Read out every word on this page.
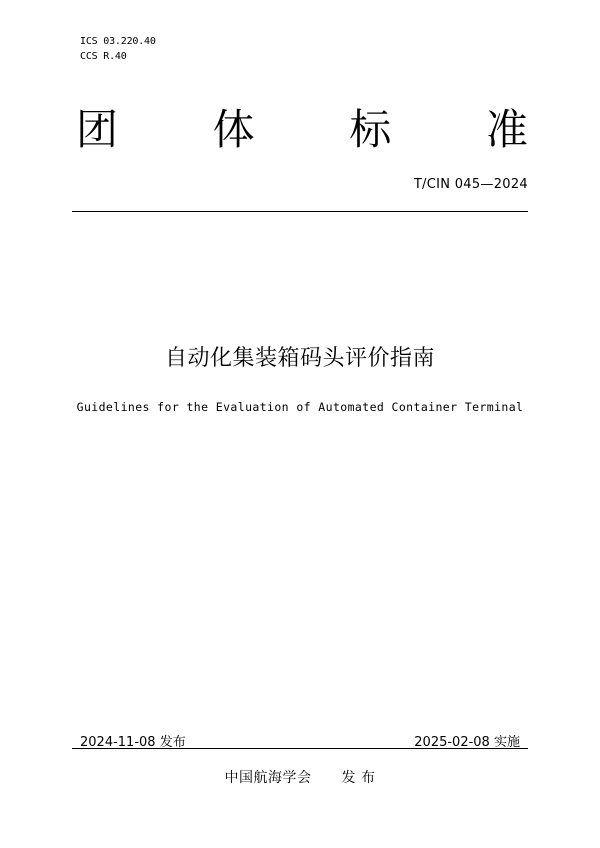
ICS 03.220.40
CCS R.40
团 体 标 准
T/CIN 045—2024
自动化集装箱码头评价指南
Guidelines for the Evaluation of Automated Container Terminal
2024-11-08 发布	2025-02-08 实施
中国航海学会 发 布
